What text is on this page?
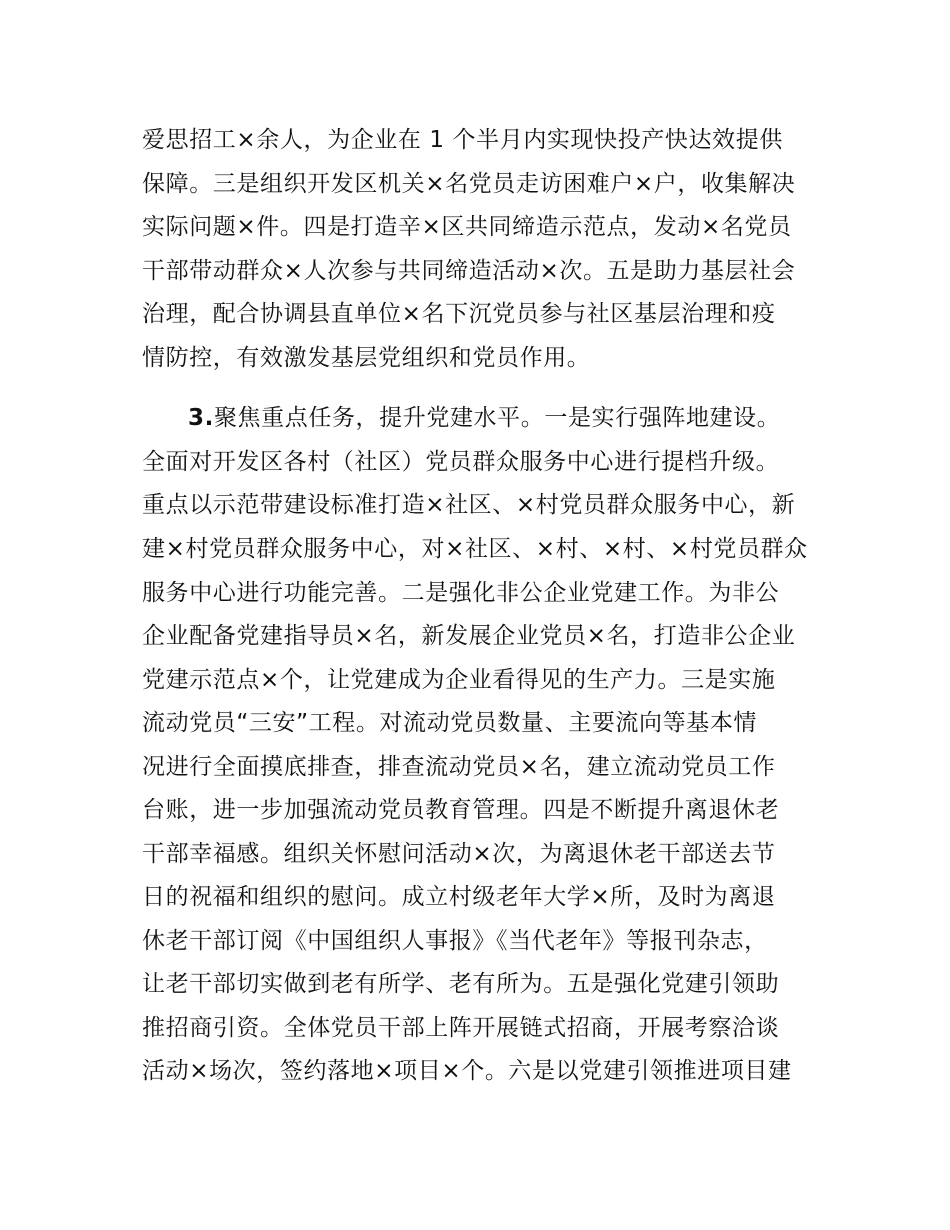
爱思招工×余人，为企业在 1 个半月内实现快投产快达效提供
保障。三是组织开发区机关×名党员走访困难户×户，收集解决
实际问题×件。四是打造辛×区共同缔造示范点，发动×名党员
干部带动群众×人次参与共同缔造活动×次。五是助力基层社会
治理，配合协调县直单位×名下沉党员参与社区基层治理和疫
情防控，有效激发基层党组织和党员作用。
3.聚焦重点任务，提升党建水平。一是实行强阵地建设。
全面对开发区各村（社区）党员群众服务中心进行提档升级。
重点以示范带建设标准打造×社区、×村党员群众服务中心，新
建×村党员群众服务中心，对×社区、×村、×村、×村党员群众
服务中心进行功能完善。二是强化非公企业党建工作。为非公
企业配备党建指导员×名，新发展企业党员×名，打造非公企业
党建示范点×个，让党建成为企业看得见的生产力。三是实施
流动党员“三安”工程。对流动党员数量、主要流向等基本情
况进行全面摸底排查，排查流动党员×名，建立流动党员工作
台账，进一步加强流动党员教育管理。四是不断提升离退休老
干部幸福感。组织关怀慰问活动×次，为离退休老干部送去节
日的祝福和组织的慰问。成立村级老年大学×所，及时为离退
休老干部订阅《中国组织人事报》《当代老年》等报刊杂志，
让老干部切实做到老有所学、老有所为。五是强化党建引领助
推招商引资。全体党员干部上阵开展链式招商，开展考察洽谈
活动×场次，签约落地×项目×个。六是以党建引领推进项目建
